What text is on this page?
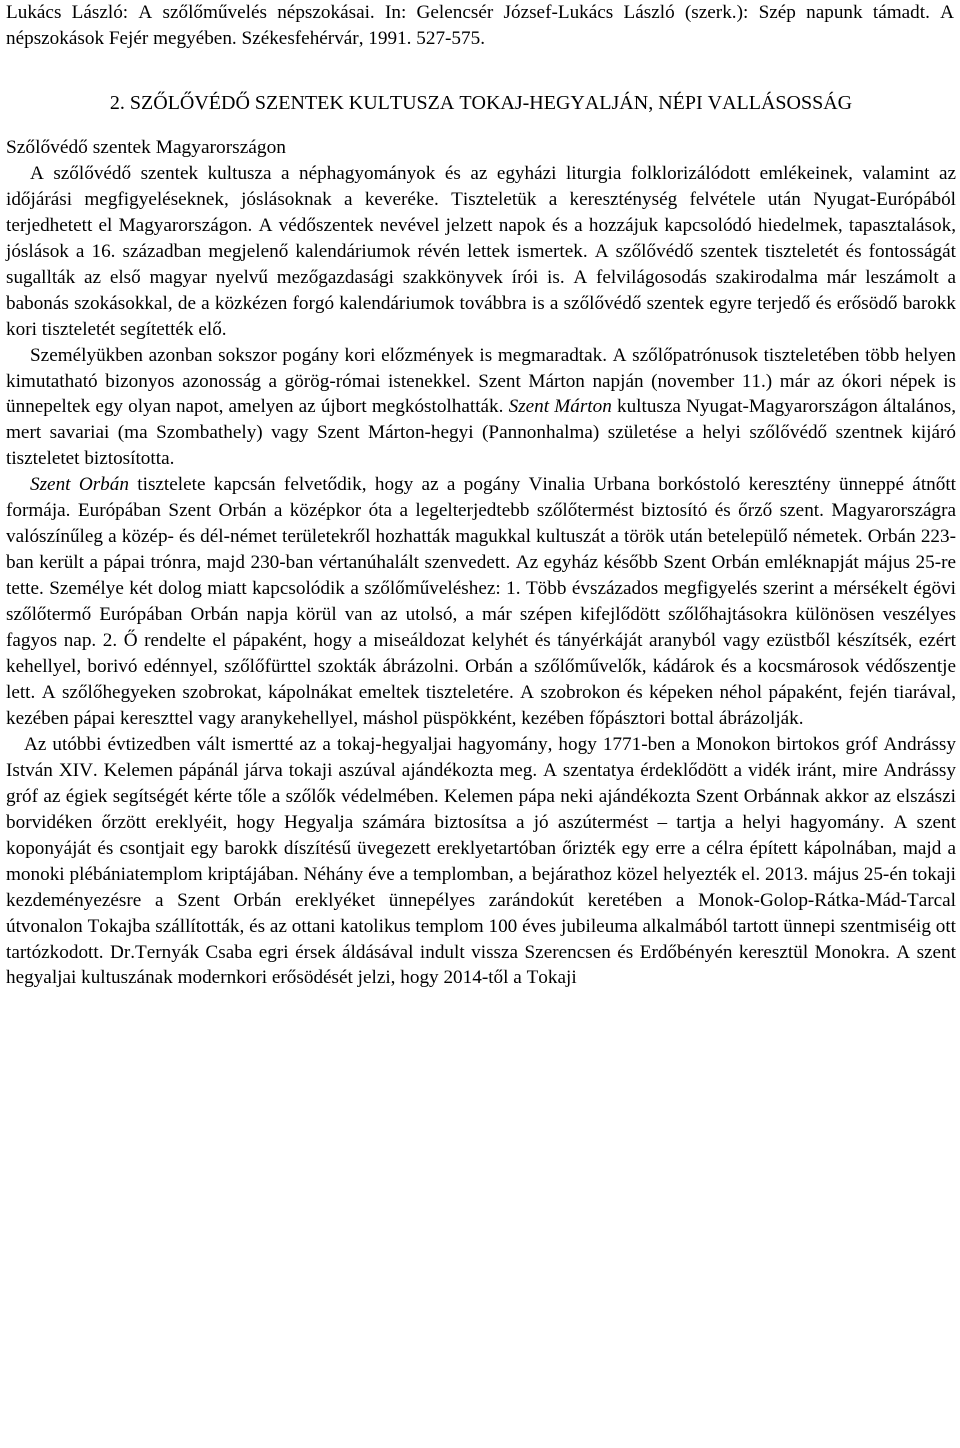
Lukács László: A szőlőművelés népszokásai. In: Gelencsér József-Lukács László (szerk.): Szép napunk támadt. A népszokások Fejér megyében. Székesfehérvár, 1991. 527-575.

2. SZŐLŐVÉDŐ SZENTEK KULTUSZA TOKAJ-HEGYALJÁN, NÉPI VALLÁSOSSÁG
Szőlővédő szentek Magyarországon

A szőlővédő szentek kultusza a néphagyományok és az egyházi liturgia folklorizálódott emlékeinek, valamint az időjárási megfigyeléseknek, jóslásoknak a keveréke. Tiszteletük a kereszténység felvétele után Nyugat-Európából terjedhetett el Magyarországon. A védőszentek nevével jelzett napok és a hozzájuk kapcsolódó hiedelmek, tapasztalások, jóslások a 16. században megjelenő kalendáriumok révén lettek ismertek. A szőlővédő szentek tiszteletét és fontosságát sugallták az első magyar nyelvű mezőgazdasági szakkönyvek írói is. A felvilágosodás szakirodalma már leszámolt a babonás szokásokkal, de a közkézen forgó kalendáriumok továbbra is a szőlővédő szentek egyre terjedő és erősödő barokk kori tiszteletét segítették elő.

Személyükben azonban sokszor pogány kori előzmények is megmaradtak. A szőlőpatrónusok tiszteletében több helyen kimutatható bizonyos azonosság a görög-római istenekkel. Szent Márton napján (november 11.) már az ókori népek is ünnepeltek egy olyan napot, amelyen az újbort megkóstolhatták. Szent Márton kultusza Nyugat-Magyarországon általános, mert savariai (ma Szombathely) vagy Szent Márton-hegyi (Pannonhalma) születése a helyi szőlővédő szentnek kijáró tiszteletet biztosította.

Szent Orbán tisztelete kapcsán felvetődik, hogy az a pogány Vinalia Urbana borkóstoló keresztény ünneppé átnőtt formája. Európában Szent Orbán a középkor óta a legelterjedtebb szőlőtermést biztosító és őrző szent. Magyarországra valószínűleg a közép- és dél-német területekről hozhatták magukkal kultuszát a török után betelepülő németek. Orbán 223-ban került a pápai trónra, majd 230-ban vértanúhalált szenvedett. Az egyház később Szent Orbán emléknapját május 25-re tette. Személye két dolog miatt kapcsolódik a szőlőműveléshez: 1. Több évszázados megfigyelés szerint a mérsékelt égövi szőlőtermő Európában Orbán napja körül van az utolsó, a már szépen kifejlődött szőlőhajtásokra különösen veszélyes fagyos nap. 2. Ő rendelte el pápaként, hogy a miseáldozat kelyhét és tányérkáját aranyból vagy ezüstből készítsék, ezért kehellyel, borivó edénnyel, szőlőfürttel szokták ábrázolni. Orbán a szőlőművelők, kádárok és a kocsmárosok védőszentje lett. A szőlőhegyeken szobrokat, kápolnákat emeltek tiszteletére. A szobrokon és képeken néhol pápaként, fején tiarával, kezében pápai kereszttel vagy aranykehellyel, máshol püspökként, kezében főpásztori bottal ábrázolják.

Az utóbbi évtizedben vált ismertté az a tokaj-hegyaljai hagyomány, hogy 1771-ben a Monokon birtokos gróf Andrássy István XIV. Kelemen pápánál járva tokaji aszúval ajándékozta meg. A szentatya érdeklődött a vidék iránt, mire Andrássy gróf az égiek segítségét kérte tőle a szőlők védelmében. Kelemen pápa neki ajándékozta Szent Orbánnak akkor az elszászi borvidéken őrzött ereklyéit, hogy Hegyalja számára biztosítsa a jó aszútermést – tartja a helyi hagyomány. A szent koponyáját és csontjait egy barokk díszítésű üvegezett ereklyetartóban őrizték egy erre a célra épített kápolnában, majd a monoki plébániatemplom kriptájában. Néhány éve a templomban, a bejárathoz közel helyezték el. 2013. május 25-én tokaji kezdeményezésre a Szent Orbán ereklyéket ünnepélyes zarándokút keretében a Monok-Golop-Rátka-Mád-Tarcal útvonalon Tokajba szállították, és az ottani katolikus templom 100 éves jubileuma alkalmából tartott ünnepi szentmiséig ott tartózkodott. Dr.Ternyák Csaba egri érsek áldásával indult vissza Szerencsen és Erdőbényén keresztül Monokra. A szent hegyaljai kultuszának modernkori erősödését jelzi, hogy 2014-től a Tokaji
